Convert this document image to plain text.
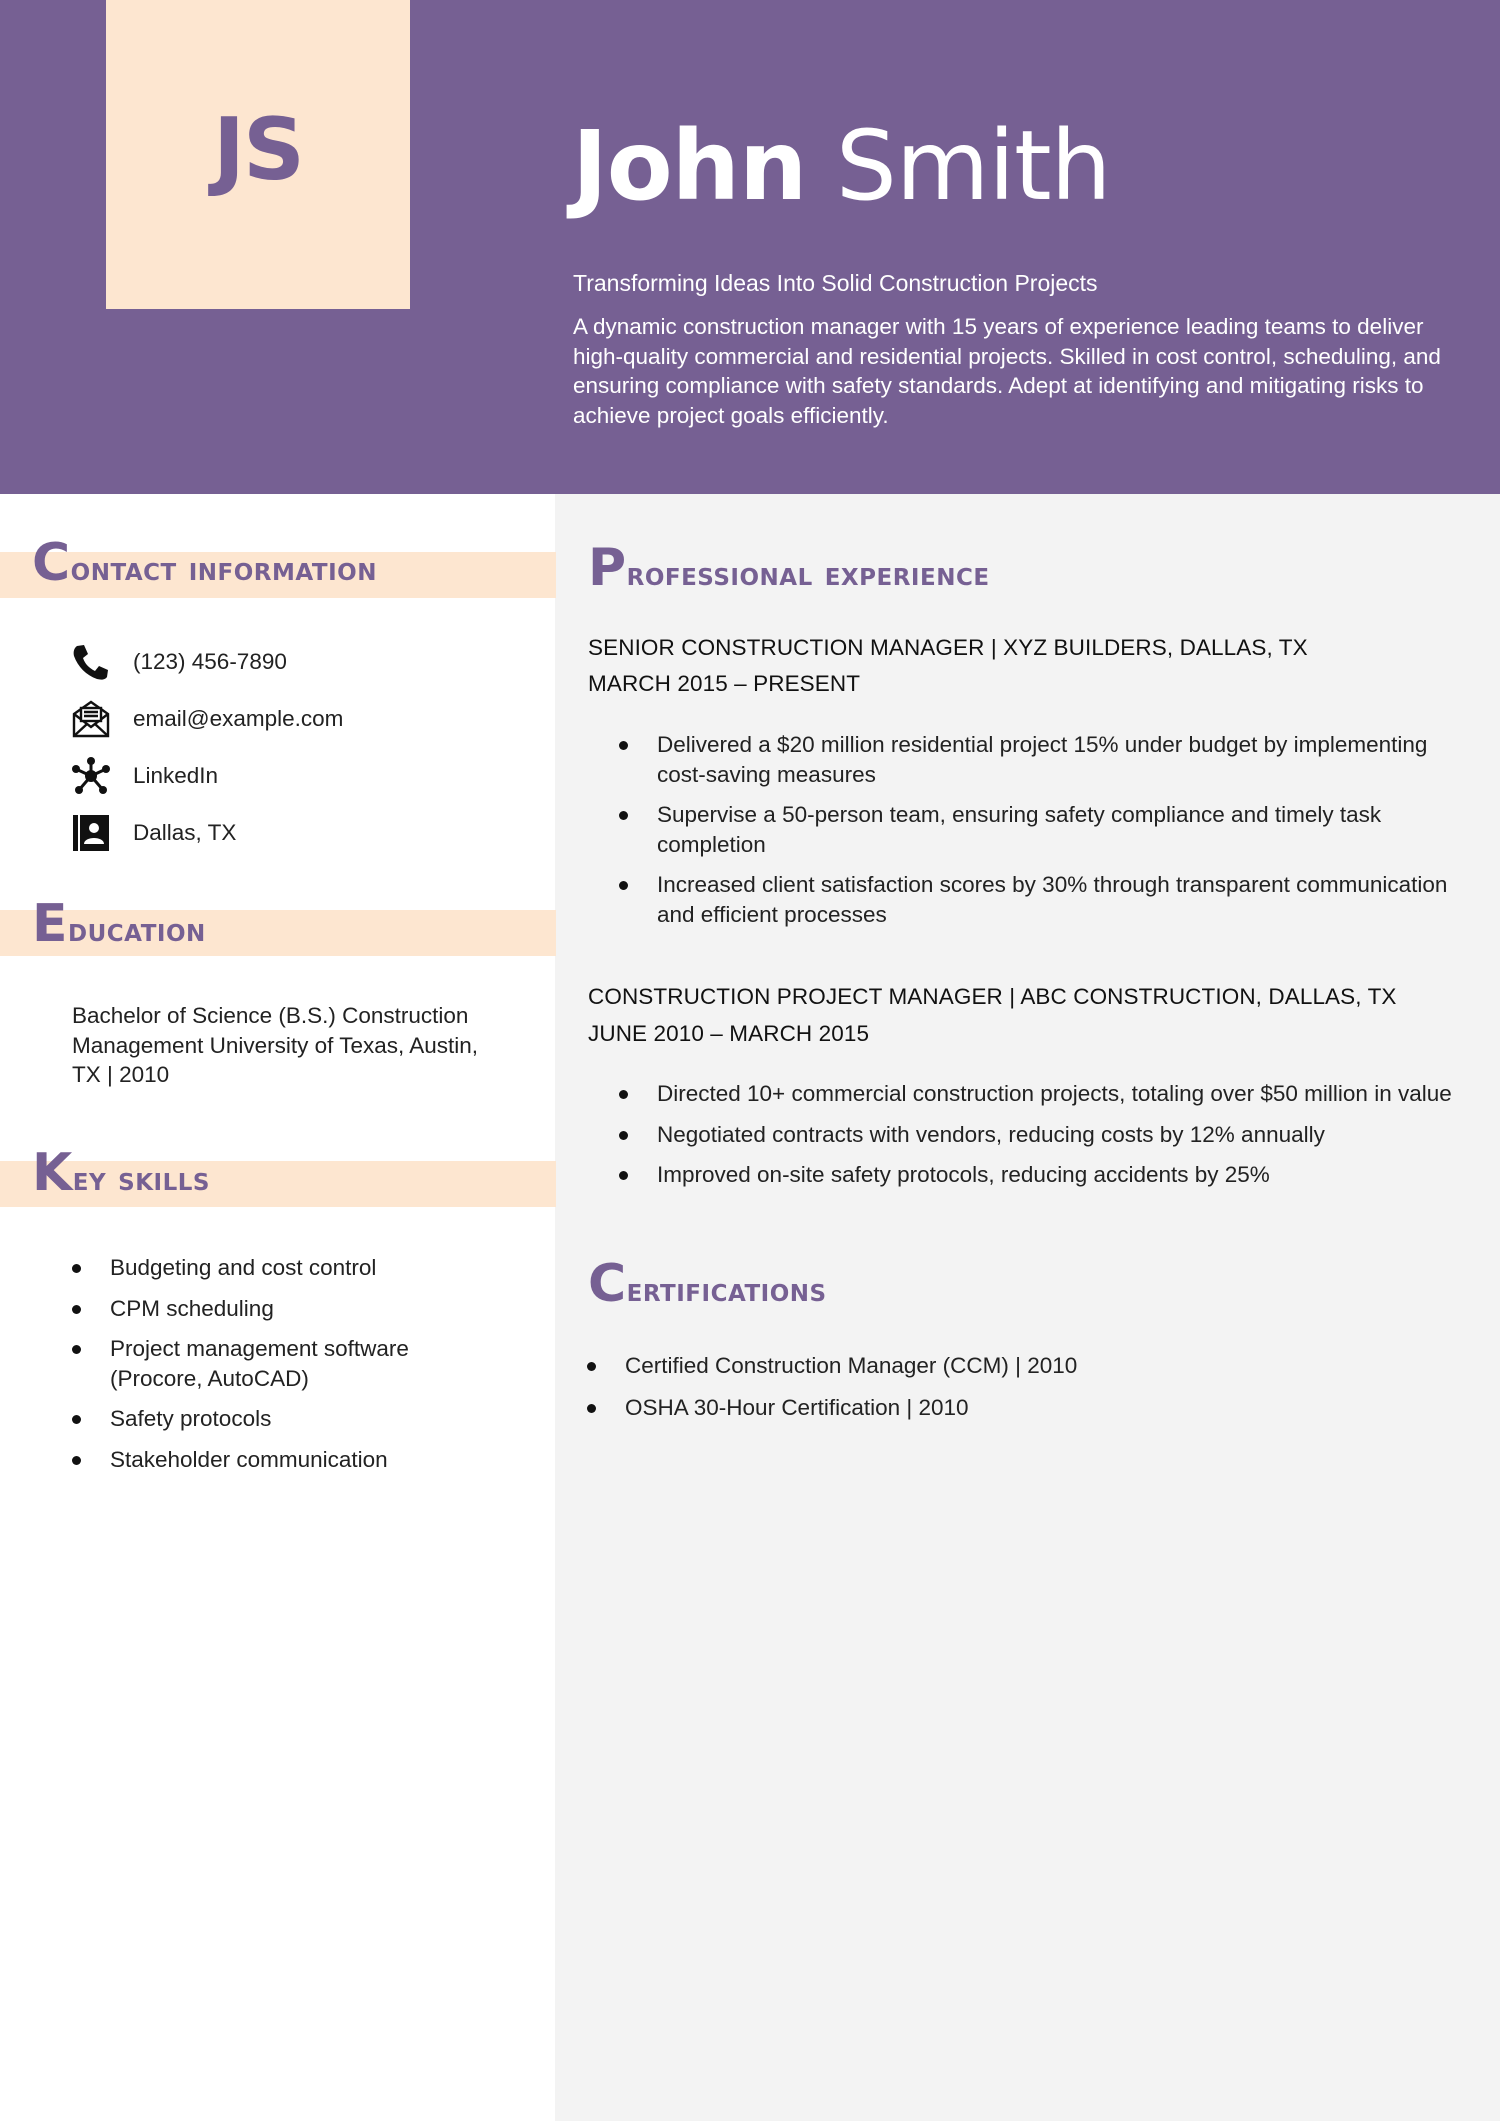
JS	John Smith
Transforming Ideas Into Solid Construction Projects
A dynamic construction manager with 15 years of experience leading teams to deliver high-quality commercial and residential projects. Skilled in cost control, scheduling, and ensuring compliance with safety standards. Adept at identifying and mitigating risks to achieve project goals efficiently.
Contact information
(123) 456-7890
email@example.com
LinkedIn
Dallas, TX
Education
Bachelor of Science (B.S.) Construction Management University of Texas, Austin, TX | 2010
Key skills
Budgeting and cost control
CPM scheduling
Project management software (Procore, AutoCAD)
Safety protocols
Stakeholder communication
Professional experience
SENIOR CONSTRUCTION MANAGER | XYZ BUILDERS, DALLAS, TX
MARCH 2015 – PRESENT
Delivered a $20 million residential project 15% under budget by implementing cost-saving measures
Supervise a 50-person team, ensuring safety compliance and timely task completion
Increased client satisfaction scores by 30% through transparent communication and efficient processes
CONSTRUCTION PROJECT MANAGER | ABC CONSTRUCTION, DALLAS, TX
JUNE 2010 – MARCH 2015
Directed 10+ commercial construction projects, totaling over $50 million in value
Negotiated contracts with vendors, reducing costs by 12% annually
Improved on-site safety protocols, reducing accidents by 25%
Certifications
Certified Construction Manager (CCM) | 2010
OSHA 30-Hour Certification | 2010
